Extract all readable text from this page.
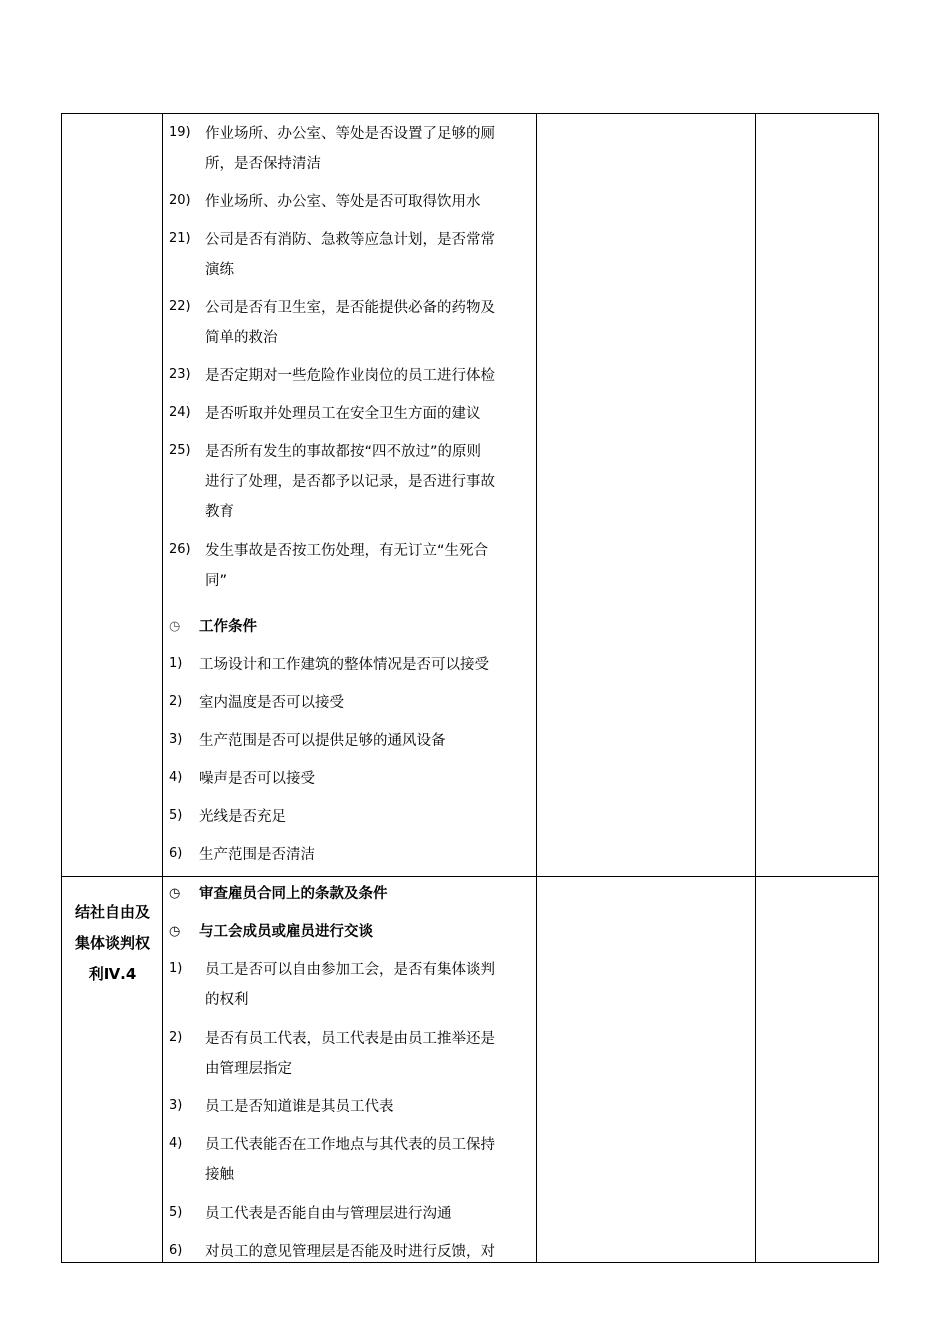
19) 作业场所、办公室、等处是否设置了足够的厕
所，是否保持清洁
20) 作业场所、办公室、等处是否可取得饮用水
21) 公司是否有消防、急救等应急计划，是否常常
演练
22) 公司是否有卫生室，是否能提供必备的药物及
简单的救治
23) 是否定期对一些危险作业岗位的员工进行体检
24) 是否听取并处理员工在安全卫生方面的建议
25) 是否所有发生的事故都按“四不放过”的原则
进行了处理，是否都予以记录，是否进行事故
教育
26) 发生事故是否按工伤处理，有无订立“生死合
同”
◷ 工作条件
1) 工场设计和工作建筑的整体情况是否可以接受
2) 室内温度是否可以接受
3) 生产范围是否可以提供足够的通风设备
4) 噪声是否可以接受
5) 光线是否充足
6) 生产范围是否清洁
结社自由及
集体谈判权
利Ⅳ.4
◷ 审查雇员合同上的条款及条件
◷ 与工会成员或雇员进行交谈
1) 员工是否可以自由参加工会，是否有集体谈判
的权利
2) 是否有员工代表，员工代表是由员工推举还是
由管理层指定
3) 员工是否知道谁是其员工代表
4) 员工代表能否在工作地点与其代表的员工保持
接触
5) 员工代表是否能自由与管理层进行沟通
6) 对员工的意见管理层是否能及时进行反馈，对
